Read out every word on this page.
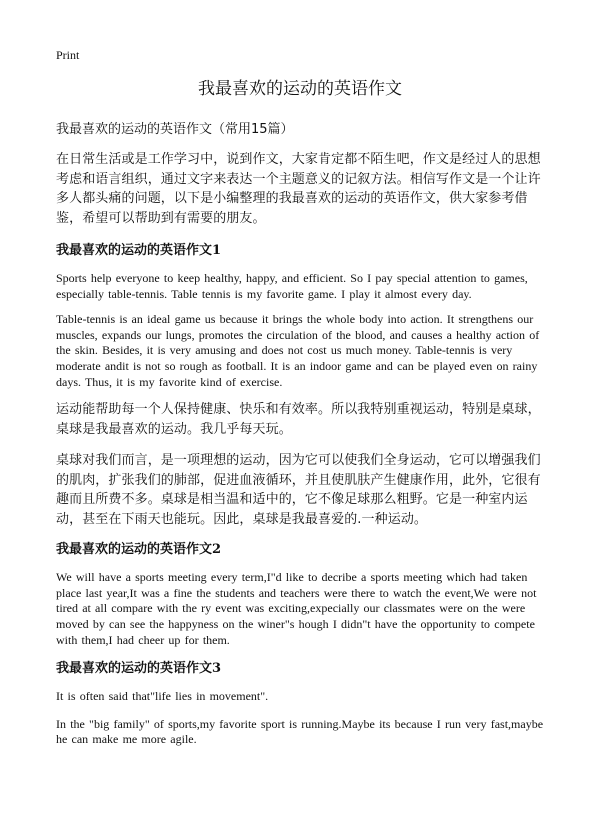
Print
我最喜欢的运动的英语作文

我最喜欢的运动的英语作文（常用15篇）

在日常生活或是工作学习中，说到作文，大家肯定都不陌生吧，作文是经过人的思想考虑和语言组织，通过文字来表达一个主题意义的记叙方法。相信写作文是一个让许多人都头痛的问题，以下是小编整理的我最喜欢的运动的英语作文，供大家参考借鉴，希望可以帮助到有需要的朋友。

我最喜欢的运动的英语作文1

Sports help everyone to keep healthy, happy, and efficient. So I pay special attention to games, especially table-tennis. Table tennis is my favorite game. I play it almost every day.

Table-tennis is an ideal game us because it brings the whole body into action. It strengthens our muscles, expands our lungs, promotes the circulation of the blood, and causes a healthy action of the skin. Besides, it is very amusing and does not cost us much money. Table-tennis is very moderate andit is not so rough as football. It is an indoor game and can be played even on rainy days. Thus, it is my favorite kind of exercise.

运动能帮助每一个人保持健康、快乐和有效率。所以我特别重视运动，特别是桌球，桌球是我最喜欢的运动。我几乎每天玩。

桌球对我们而言，是一项理想的运动，因为它可以使我们全身运动，它可以增强我们的肌肉，扩张我们的肺部，促进血液循环，并且使肌肤产生健康作用，此外，它很有趣而且所费不多。桌球是相当温和适中的，它不像足球那么粗野。它是一种室内运动，甚至在下雨天也能玩。因此，桌球是我最喜爱的.一种运动。

我最喜欢的运动的英语作文2

We will have a sports meeting every term,I"d like to decribe a sports meeting which had taken place last year,It was a fine the students and teachers were there to watch the event,We were not tired at all compare with the ry event was exciting,expecially our classmates were on the were moved by can see the happyness on the winer"s hough I didn"t have the opportunity to compete with them,I had cheer up for them.

我最喜欢的运动的英语作文3

It is often said that"life lies in movement".

In the "big family" of sports,my favorite sport is running.Maybe its because I run very fast,maybe he can make me more agile.
